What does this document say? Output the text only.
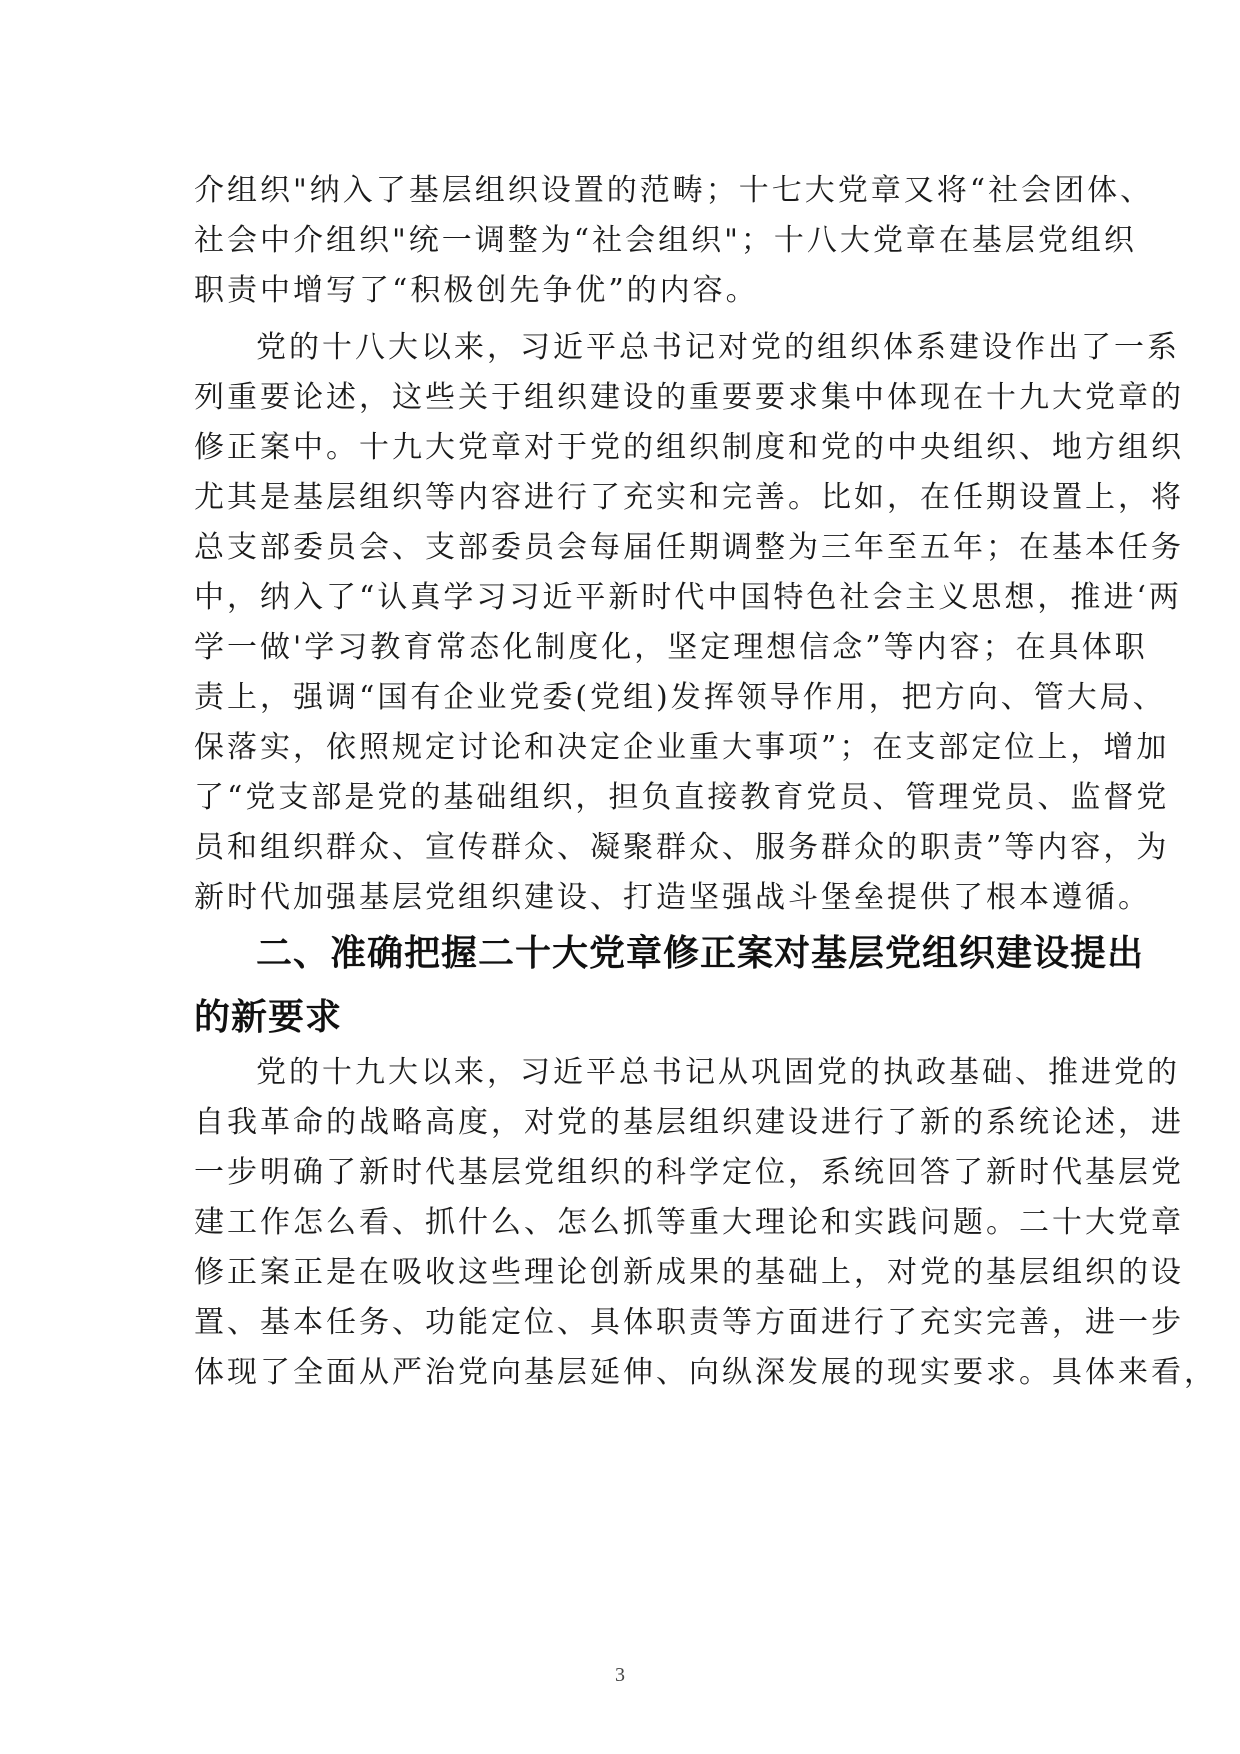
介组织"纳入了基层组织设置的范畴；十七大党章又将“社会团体、
社会中介组织"统一调整为“社会组织"；十八大党章在基层党组织
职责中增写了“积极创先争优”的内容。
党的十八大以来，习近平总书记对党的组织体系建设作出了一系
列重要论述，这些关于组织建设的重要要求集中体现在十九大党章的
修正案中。十九大党章对于党的组织制度和党的中央组织、地方组织
尤其是基层组织等内容进行了充实和完善。比如，在任期设置上，将
总支部委员会、支部委员会每届任期调整为三年至五年；在基本任务
中，纳入了“认真学习习近平新时代中国特色社会主义思想，推进‘两
学一做'学习教育常态化制度化，坚定理想信念”等内容；在具体职
责上，强调“国有企业党委(党组)发挥领导作用，把方向、管大局、
保落实，依照规定讨论和决定企业重大事项”；在支部定位上，增加
了“党支部是党的基础组织，担负直接教育党员、管理党员、监督党
员和组织群众、宣传群众、凝聚群众、服务群众的职责”等内容，为
新时代加强基层党组织建设、打造坚强战斗堡垒提供了根本遵循。
二、准确把握二十大党章修正案对基层党组织建设提出
的新要求
党的十九大以来，习近平总书记从巩固党的执政基础、推进党的
自我革命的战略高度，对党的基层组织建设进行了新的系统论述，进
一步明确了新时代基层党组织的科学定位，系统回答了新时代基层党
建工作怎么看、抓什么、怎么抓等重大理论和实践问题。二十大党章
修正案正是在吸收这些理论创新成果的基础上，对党的基层组织的设
置、基本任务、功能定位、具体职责等方面进行了充实完善，进一步
体现了全面从严治党向基层延伸、向纵深发展的现实要求。具体来看，
3
